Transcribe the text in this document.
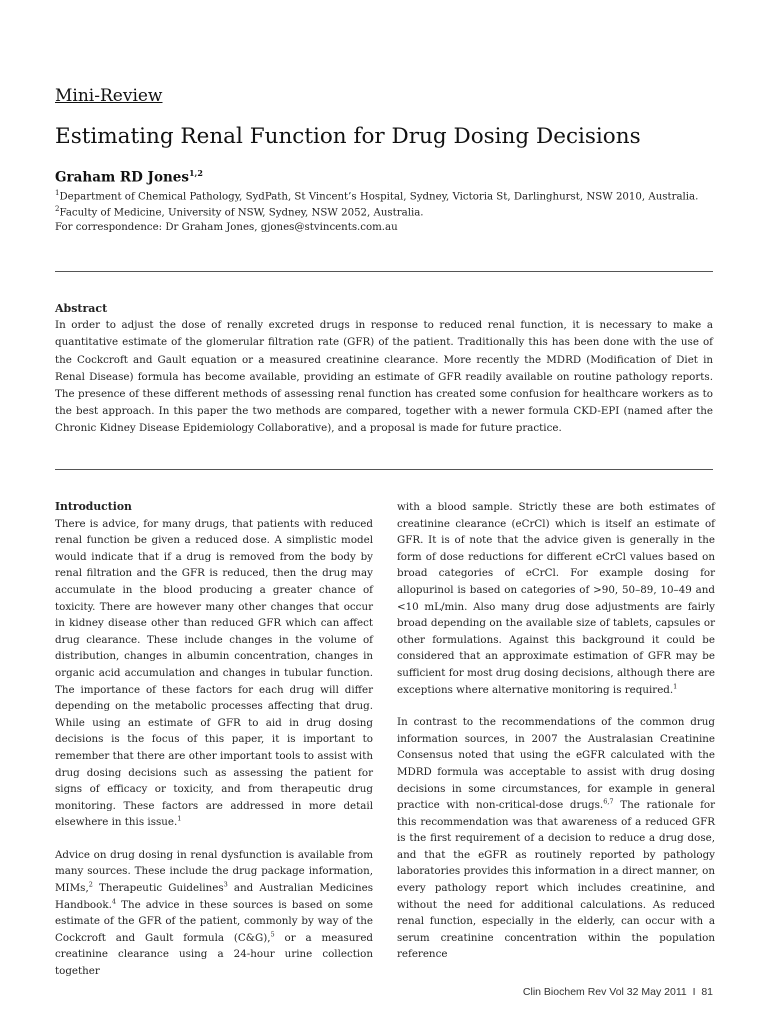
Mini-Review
Estimating Renal Function for Drug Dosing Decisions
Graham RD Jones$^{1,2}$
$^1$Department of Chemical Pathology, SydPath, St Vincent’s Hospital, Sydney, Victoria St, Darlinghurst, NSW 2010, Australia.
$^2$Faculty of Medicine, University of NSW, Sydney, NSW 2052, Australia.
For correspondence: Dr Graham Jones, gjones@stvincents.com.au
Abstract
In order to adjust the dose of renally excreted drugs in response to reduced renal function, it is necessary to make a quantitative estimate of the glomerular filtration rate (GFR) of the patient. Traditionally this has been done with the use of the Cockcroft and Gault equation or a measured creatinine clearance. More recently the MDRD (Modification of Diet in Renal Disease) formula has become available, providing an estimate of GFR readily available on routine pathology reports. The presence of these different methods of assessing renal function has created some confusion for healthcare workers as to the best approach. In this paper the two methods are compared, together with a newer formula CKD-EPI (named after the Chronic Kidney Disease Epidemiology Collaborative), and a proposal is made for future practice.

Introduction
There is advice, for many drugs, that patients with reduced renal function be given a reduced dose. A simplistic model would indicate that if a drug is removed from the body by renal filtration and the GFR is reduced, then the drug may accumulate in the blood producing a greater chance of toxicity. There are however many other changes that occur in kidney disease other than reduced GFR which can affect drug clearance. These include changes in the volume of distribution, changes in albumin concentration, changes in organic acid accumulation and changes in tubular function. The importance of these factors for each drug will differ depending on the metabolic processes affecting that drug. While using an estimate of GFR to aid in drug dosing decisions is the focus of this paper, it is important to remember that there are other important tools to assist with drug dosing decisions such as assessing the patient for signs of efficacy or toxicity, and from therapeutic drug monitoring. These factors are addressed in more detail elsewhere in this issue.$^1$

Advice on drug dosing in renal dysfunction is available from many sources. These include the drug package information, MIMs,$^2$ Therapeutic Guidelines$^3$ and Australian Medicines Handbook.$^4$ The advice in these sources is based on some estimate of the GFR of the patient, commonly by way of the Cockcroft and Gault formula (C&G),$^5$ or a measured creatinine clearance using a 24-hour urine collection together

with a blood sample. Strictly these are both estimates of creatinine clearance (eCrCl) which is itself an estimate of GFR. It is of note that the advice given is generally in the form of dose reductions for different eCrCl values based on broad categories of eCrCl. For example dosing for allopurinol is based on categories of >90, 50–89, 10–49 and <10 mL/min. Also many drug dose adjustments are fairly broad depending on the available size of tablets, capsules or other formulations. Against this background it could be considered that an approximate estimation of GFR may be sufficient for most drug dosing decisions, although there are exceptions where alternative monitoring is required.$^1$

In contrast to the recommendations of the common drug information sources, in 2007 the Australasian Creatinine Consensus noted that using the eGFR calculated with the MDRD formula was acceptable to assist with drug dosing decisions in some circumstances, for example in general practice with non-critical-dose drugs.$^{6,7}$ The rationale for this recommendation was that awareness of a reduced GFR is the first requirement of a decision to reduce a drug dose, and that the eGFR as routinely reported by pathology laboratories provides this information in a direct manner, on every pathology report which includes creatinine, and without the need for additional calculations. As reduced renal function, especially in the elderly, can occur with a serum creatinine concentration within the population reference

Clin Biochem Rev Vol 32 May 2011  I  81
